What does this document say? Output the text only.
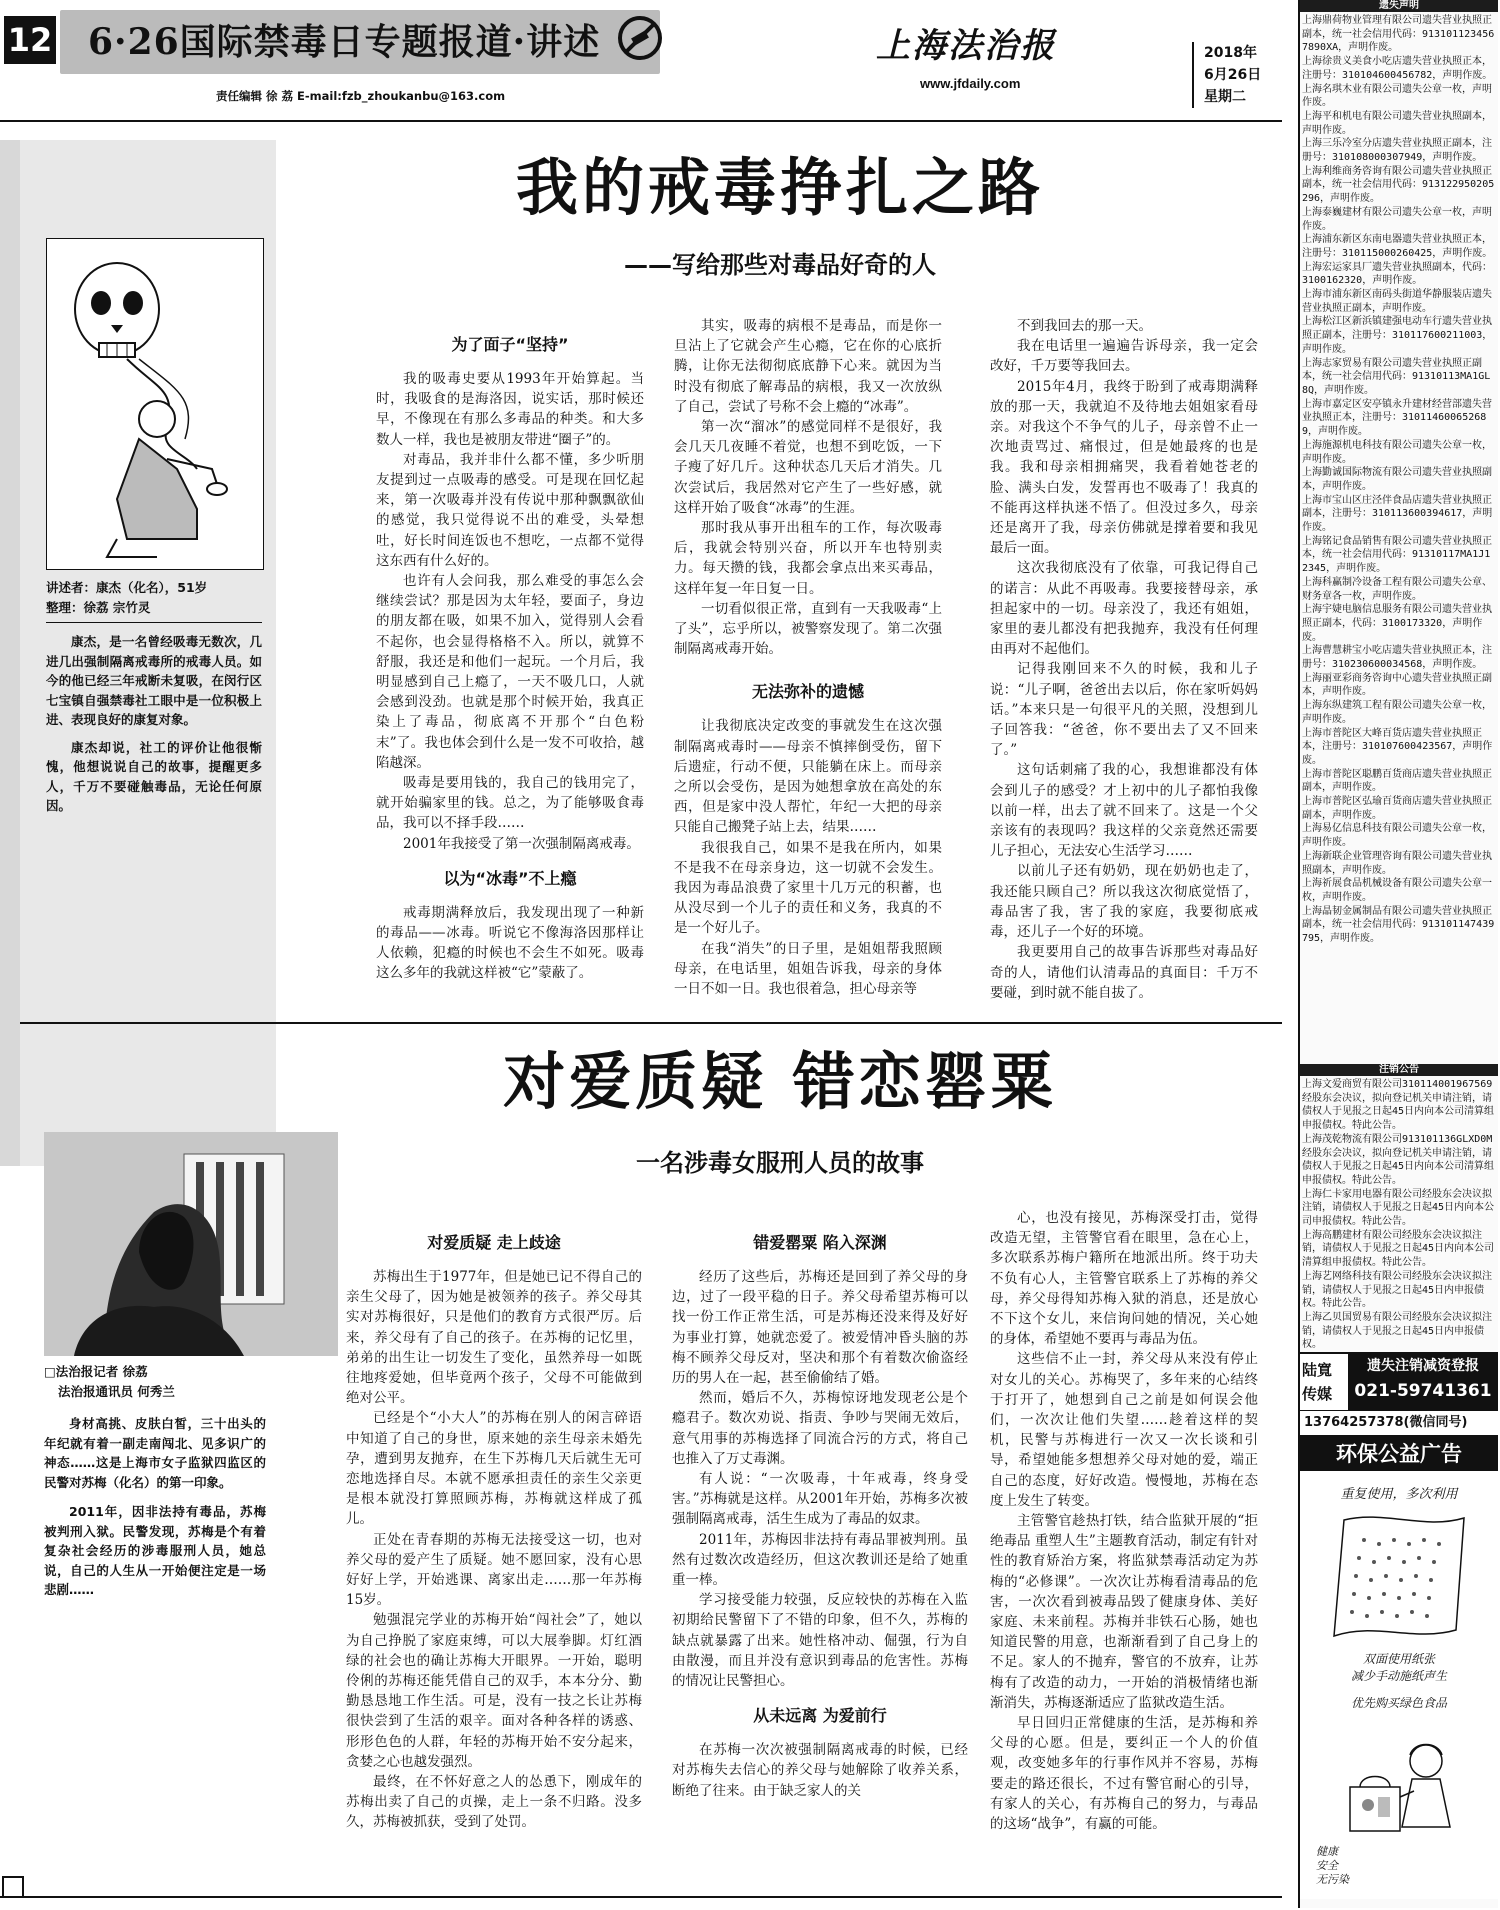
12 6·26国际禁毒日专题报道·讲述	上海法治报
www.jfdaily.com
2018年
6月26日
星期二
责任编辑 徐 荔 E-mail:fzb_zhoukanbu@163.com
讲述者：康杰（化名），51岁
整理：徐荔 宗竹灵

康杰，是一名曾经吸毒无数次，几进几出强制隔离戒毒所的戒毒人员。如今的他已经三年戒断未复吸，在闵行区七宝镇自强禁毒社工眼中是一位积极上进、表现良好的康复对象。

康杰却说，社工的评价让他很惭愧，他想说说自己的故事，提醒更多人，千万不要碰触毒品，无论任何原因。

我的戒毒挣扎之路
——写给那些对毒品好奇的人
为了面子“坚持”

我的吸毒史要从1993年开始算起。当时，我吸食的是海洛因，说实话，那时候还早，不像现在有那么多毒品的种类。和大多数人一样，我也是被朋友带进“圈子”的。

对毒品，我并非什么都不懂，多少听朋友提到过一点吸毒的感受。可是现在回忆起来，第一次吸毒并没有传说中那种飘飘欲仙的感觉，我只觉得说不出的难受，头晕想吐，好长时间连饭也不想吃，一点都不觉得这东西有什么好的。

也许有人会问我，那么难受的事怎么会继续尝试？那是因为太年轻，要面子，身边的朋友都在吸，如果不加入，觉得别人会看不起你，也会显得格格不入。所以，就算不舒服，我还是和他们一起玩。一个月后，我明显感到自己上瘾了，一天不吸几口，人就会感到没劲。也就是那个时候开始，我真正染上了毒品，彻底离不开那个“白色粉末”了。我也体会到什么是一发不可收拾，越陷越深。

吸毒是要用钱的，我自己的钱用完了，就开始骗家里的钱。总之，为了能够吸食毒品，我可以不择手段……

2001年我接受了第一次强制隔离戒毒。

以为“冰毒”不上瘾

戒毒期满释放后，我发现出现了一种新的毒品——冰毒。听说它不像海洛因那样让人依赖，犯瘾的时候也不会生不如死。吸毒这么多年的我就这样被“它”蒙蔽了。

其实，吸毒的病根不是毒品，而是你一旦沾上了它就会产生心瘾，它在你的心底折腾，让你无法彻彻底底静下心来。就因为当时没有彻底了解毒品的病根，我又一次放纵了自己，尝试了号称不会上瘾的“冰毒”。

第一次“溜冰”的感觉同样不是很好，我会几天几夜睡不着觉，也想不到吃饭，一下子瘦了好几斤。这种状态几天后才消失。几次尝试后，我居然对它产生了一些好感，就这样开始了吸食“冰毒”的生涯。

那时我从事开出租车的工作，每次吸毒后，我就会特别兴奋，所以开车也特别卖力。每天攒的钱，我都会拿点出来买毒品，这样年复一年日复一日。

一切看似很正常，直到有一天我吸毒“上了头”，忘乎所以，被警察发现了。第二次强制隔离戒毒开始。

无法弥补的遗憾

让我彻底决定改变的事就发生在这次强制隔离戒毒时——母亲不慎摔倒受伤，留下后遗症，行动不便，只能躺在床上。而母亲之所以会受伤，是因为她想拿放在高处的东西，但是家中没人帮忙，年纪一大把的母亲只能自己搬凳子站上去，结果……

我很我自己，如果不是我在所内，如果不是我不在母亲身边，这一切就不会发生。我因为毒品浪费了家里十几万元的积蓄，也从没尽到一个儿子的责任和义务，我真的不是一个好儿子。

在我“消失”的日子里，是姐姐帮我照顾母亲，在电话里，姐姐告诉我，母亲的身体一日不如一日。我也很着急，担心母亲等

不到我回去的那一天。

我在电话里一遍遍告诉母亲，我一定会改好，千万要等我回去。

2015年4月，我终于盼到了戒毒期满释放的那一天，我就迫不及待地去姐姐家看母亲。对我这个不争气的儿子，母亲曾不止一次地责骂过、痛恨过，但是她最疼的也是我。我和母亲相拥痛哭，我看着她苍老的脸、满头白发，发誓再也不吸毒了！我真的不能再这样执迷不悟了。但没过多久，母亲还是离开了我，母亲仿佛就是撑着要和我见最后一面。

这次我彻底没有了依靠，可我记得自己的诺言：从此不再吸毒。我要接替母亲，承担起家中的一切。母亲没了，我还有姐姐，家里的妻儿都没有把我抛弃，我没有任何理由再对不起他们。

记得我刚回来不久的时候，我和儿子说：“儿子啊，爸爸出去以后，你在家听妈妈话。”本来只是一句很平凡的关照，没想到儿子回答我：“爸爸，你不要出去了又不回来了。”

这句话刺痛了我的心，我想谁都没有体会到儿子的感受？才上初中的儿子都怕我像以前一样，出去了就不回来了。这是一个父亲该有的表现吗？我这样的父亲竟然还需要儿子担心，无法安心生活学习……

以前儿子还有奶奶，现在奶奶也走了，我还能只顾自己？所以我这次彻底觉悟了，毒品害了我，害了我的家庭，我要彻底戒毒，还儿子一个好的环境。

我更要用自己的故事告诉那些对毒品好奇的人，请他们认清毒品的真面目：千万不要碰，到时就不能自拔了。

对爱质疑 错恋罂粟
一名涉毒女服刑人员的故事
□法治报记者 徐荔
法治报通讯员 何秀兰

身材高挑、皮肤白皙，三十出头的年纪就有着一副走南闯北、见多识广的神态……这是上海市女子监狱四监区的民警对苏梅（化名）的第一印象。

2011年，因非法持有毒品，苏梅被判刑入狱。民警发现，苏梅是个有着复杂社会经历的涉毒服刑人员，她总说，自己的人生从一开始便注定是一场悲剧……

对爱质疑 走上歧途

苏梅出生于1977年，但是她已记不得自己的亲生父母了，因为她是被领养的孩子。养父母其实对苏梅很好，只是他们的教育方式很严厉。后来，养父母有了自己的孩子。在苏梅的记忆里，弟弟的出生让一切发生了变化，虽然养母一如既往地疼爱她，但毕竟两个孩子，父母不可能做到绝对公平。

已经是个“小大人”的苏梅在别人的闲言碎语中知道了自己的身世，原来她的亲生母亲未婚先孕，遭到男友抛弃，在生下苏梅几天后就生无可恋地选择自尽。本就不愿承担责任的亲生父亲更是根本就没打算照顾苏梅，苏梅就这样成了孤儿。

正处在青春期的苏梅无法接受这一切，也对养父母的爱产生了质疑。她不愿回家，没有心思好好上学，开始逃课、离家出走……那一年苏梅15岁。

勉强混完学业的苏梅开始“闯社会”了，她以为自己挣脱了家庭束缚，可以大展拳脚。灯红酒绿的社会也的确让苏梅大开眼界。一开始，聪明伶俐的苏梅还能凭借自己的双手，本本分分、勤勤恳恳地工作生活。可是，没有一技之长让苏梅很快尝到了生活的艰辛。面对各种各样的诱惑、形形色色的人群，年轻的苏梅开始不安分起来，贪婪之心也越发强烈。

最终，在不怀好意之人的怂恿下，刚成年的苏梅出卖了自己的贞操，走上一条不归路。没多久，苏梅被抓获，受到了处罚。

错爱罂粟 陷入深渊

经历了这些后，苏梅还是回到了养父母的身边，过了一段平稳的日子。养父母希望苏梅可以找一份工作正常生活，可是苏梅还没来得及好好为事业打算，她就恋爱了。被爱情冲昏头脑的苏梅不顾养父母反对，坚决和那个有着数次偷盗经历的男人在一起，甚至偷偷结了婚。

然而，婚后不久，苏梅惊讶地发现老公是个瘾君子。数次劝说、指责、争吵与哭闹无效后，意气用事的苏梅选择了同流合污的方式，将自己也推入了万丈毒渊。

有人说：“一次吸毒，十年戒毒，终身受害。”苏梅就是这样。从2001年开始，苏梅多次被强制隔离戒毒，活生生成为了毒品的奴隶。

2011年，苏梅因非法持有毒品罪被判刑。虽然有过数次改造经历，但这次教训还是给了她重重一棒。

学习接受能力较强，反应较快的苏梅在入监初期给民警留下了不错的印象，但不久，苏梅的缺点就暴露了出来。她性格冲动、倔强，行为自由散漫，而且并没有意识到毒品的危害性。苏梅的情况让民警担心。

从未远离 为爱前行

在苏梅一次次被强制隔离戒毒的时候，已经对苏梅失去信心的养父母与她解除了收养关系，断绝了往来。由于缺乏家人的关

心，也没有接见，苏梅深受打击，觉得改造无望，主管警官看在眼里，急在心上，多次联系苏梅户籍所在地派出所。终于功夫不负有心人，主管警官联系上了苏梅的养父母，养父母得知苏梅入狱的消息，还是放心不下这个女儿，来信询问她的情况，关心她的身体，希望她不要再与毒品为伍。

这些信不止一封，养父母从来没有停止对女儿的关心。苏梅哭了，多年来的心结终于打开了，她想到自己之前是如何误会他们，一次次让他们失望……趁着这样的契机，民警与苏梅进行一次又一次长谈和引导，希望她能多想想养父母对她的爱，端正自己的态度，好好改造。慢慢地，苏梅在态度上发生了转变。

主管警官趁热打铁，结合监狱开展的“拒绝毒品 重塑人生”主题教育活动，制定有针对性的教育矫治方案，将监狱禁毒活动定为苏梅的“必修课”。一次次让苏梅看清毒品的危害，一次次看到被毒品毁了健康身体、美好家庭、未来前程。苏梅并非铁石心肠，她也知道民警的用意，也渐渐看到了自己身上的不足。家人的不抛弃，警官的不放弃，让苏梅有了改造的动力，一开始的消极情绪也渐渐消失，苏梅逐渐适应了监狱改造生活。

早日回归正常健康的生活，是苏梅和养父母的心愿。但是，要纠正一个人的价值观，改变她多年的行事作风并不容易，苏梅要走的路还很长，不过有警官耐心的引导，有家人的关心，有苏梅自己的努力，与毒品的这场“战争”，有赢的可能。

遗失声明

上海鼎荷物业管理有限公司遗失营业执照正副本，统一社会信用代码：9131011234567890XA，声明作废。

上海徐贵义美食小吃店遗失营业执照正本，注册号：310104600456782，声明作废。

上海名琪木业有限公司遗失公章一枚，声明作废。

上海平和机电有限公司遗失营业执照副本，声明作废。

上海三乐冷室分店遗失营业执照正副本，注册号：310108000307949，声明作废。

上海利维商务咨询有限公司遗失营业执照正副本，统一社会信用代码：913122950205296，声明作废。

上海泰巍建材有限公司遗失公章一枚，声明作废。

上海浦东新区东南电器遗失营业执照正本，注册号：310115000260425，声明作废。

上海宏运家具厂遗失营业执照副本，代码：3100162320，声明作废。

上海市浦东新区南码头街道华静服装店遗失营业执照正副本，声明作废。

上海松江区新浜镇建强电动车行遗失营业执照正副本，注册号：310117600211003，声明作废。

上海志家贸易有限公司遗失营业执照正副本，统一社会信用代码：91310113MA1GL8Q，声明作废。

上海市嘉定区安亭镇永升建材经营部遗失营业执照正本，注册号：310114600652689，声明作废。

上海施源机电科技有限公司遗失公章一枚，声明作废。

上海勤诚国际物流有限公司遗失营业执照副本，声明作废。

上海市宝山区庄泾伴食品店遗失营业执照正副本，注册号：310113600394617，声明作废。

上海铭记食品销售有限公司遗失营业执照正本，统一社会信用代码：91310117MA1J12345，声明作废。

上海科赢制冷设备工程有限公司遗失公章、财务章各一枚，声明作废。

上海宇婕电脑信息服务有限公司遗失营业执照正副本，代码：3100173320，声明作废。

上海曹慧耕宝小吃店遗失营业执照正本，注册号：310230600034568，声明作废。

上海丽亚彩商务咨询中心遗失营业执照正副本，声明作废。

上海东纵建筑工程有限公司遗失公章一枚，声明作废。

上海市普陀区大峰百货店遗失营业执照正本，注册号：310107600423567，声明作废。

上海市普陀区聪鹏百货商店遗失营业执照正副本，声明作废。

上海市普陀区弘瑜百货商店遗失营业执照正副本，声明作废。

上海易亿信息科技有限公司遗失公章一枚，声明作废。

上海新联企业管理咨询有限公司遗失营业执照副本，声明作废。

上海祈展食品机械设备有限公司遗失公章一枚，声明作废。

上海晶韧金属制品有限公司遗失营业执照正副本，统一社会信用代码：913101147439795，声明作废。

注销公告

上海文爱商贸有限公司310114001967569经股东会决议，拟向登记机关申请注销，请债权人于见报之日起45日内向本公司清算组申报债权。特此公告。

上海茂乾物流有限公司913101136GLXD0M经股东会决议，拟向登记机关申请注销，请债权人于见报之日起45日内向本公司清算组申报债权。特此公告。

上海仁卡家用电器有限公司经股东会决议拟注销，请债权人于见报之日起45日内向本公司申报债权。特此公告。

上海高鹏建材有限公司经股东会决议拟注销，请债权人于见报之日起45日内向本公司清算组申报债权。特此公告。

上海艺网络科技有限公司经股东会决议拟注销，请债权人于见报之日起45日内申报债权。特此公告。

上海乙贝国贸易有限公司经股东会决议拟注销，请债权人于见报之日起45日内申报债权。

陆寬传媒
遗失注销减资登报
021-59741361
13764257378(微信同号)
环保公益广告
重复使用，多次利用
双面使用纸张
减少手动施纸声生
优先购买绿色食品
健康
安全
无污染
